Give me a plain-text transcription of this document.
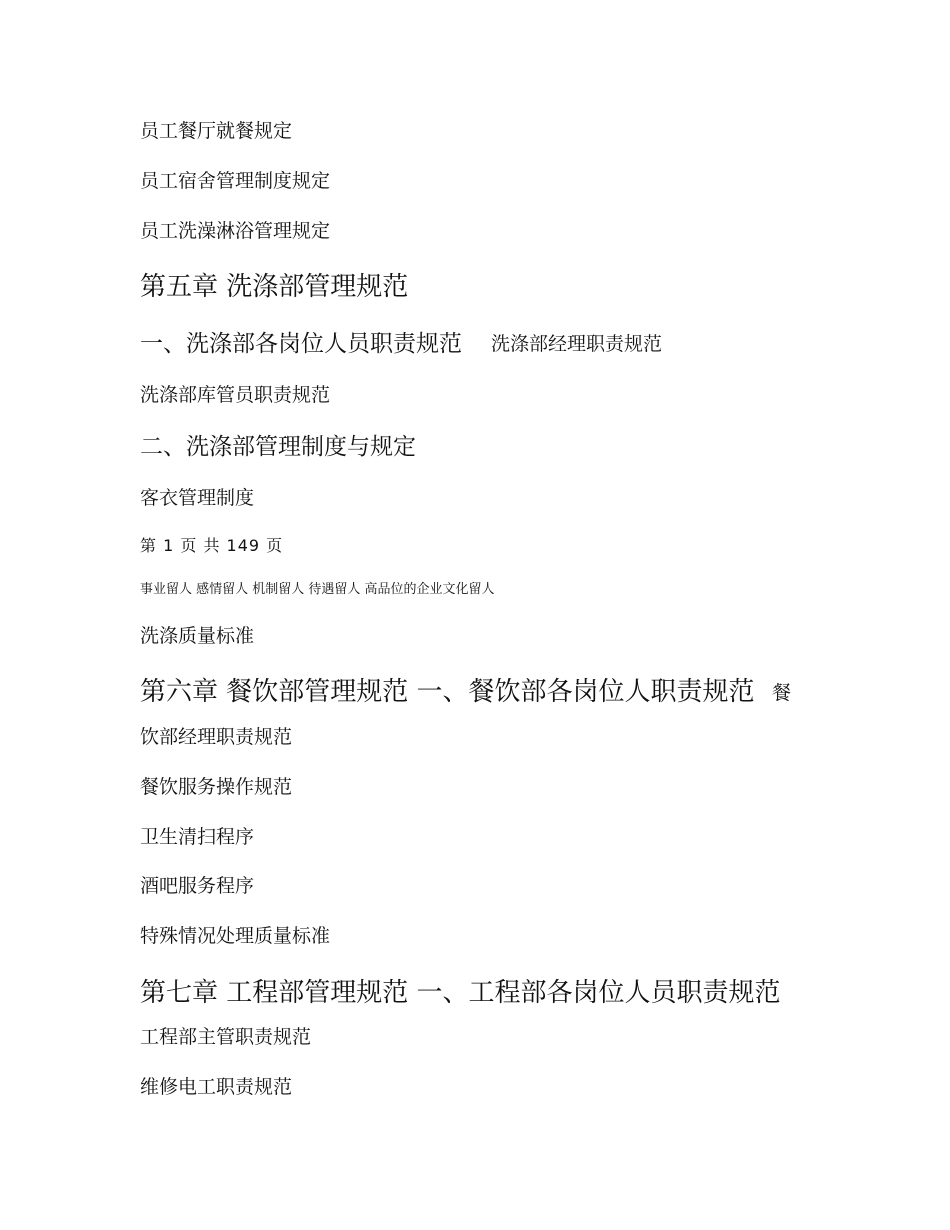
员工餐厅就餐规定
员工宿舍管理制度规定
员工洗澡淋浴管理规定
第五章 洗涤部管理规范
一、洗涤部各岗位人员职责规范 洗涤部经理职责规范
洗涤部库管员职责规范
二、洗涤部管理制度与规定
客衣管理制度
第 1 页 共 149 页
事业留人 感情留人 机制留人 待遇留人 高品位的企业文化留人
洗涤质量标准
第六章 餐饮部管理规范 一、餐饮部各岗位人职责规范 餐
饮部经理职责规范
餐饮服务操作规范
卫生清扫程序
酒吧服务程序
特殊情况处理质量标准
第七章 工程部管理规范 一、工程部各岗位人员职责规范
工程部主管职责规范
维修电工职责规范
